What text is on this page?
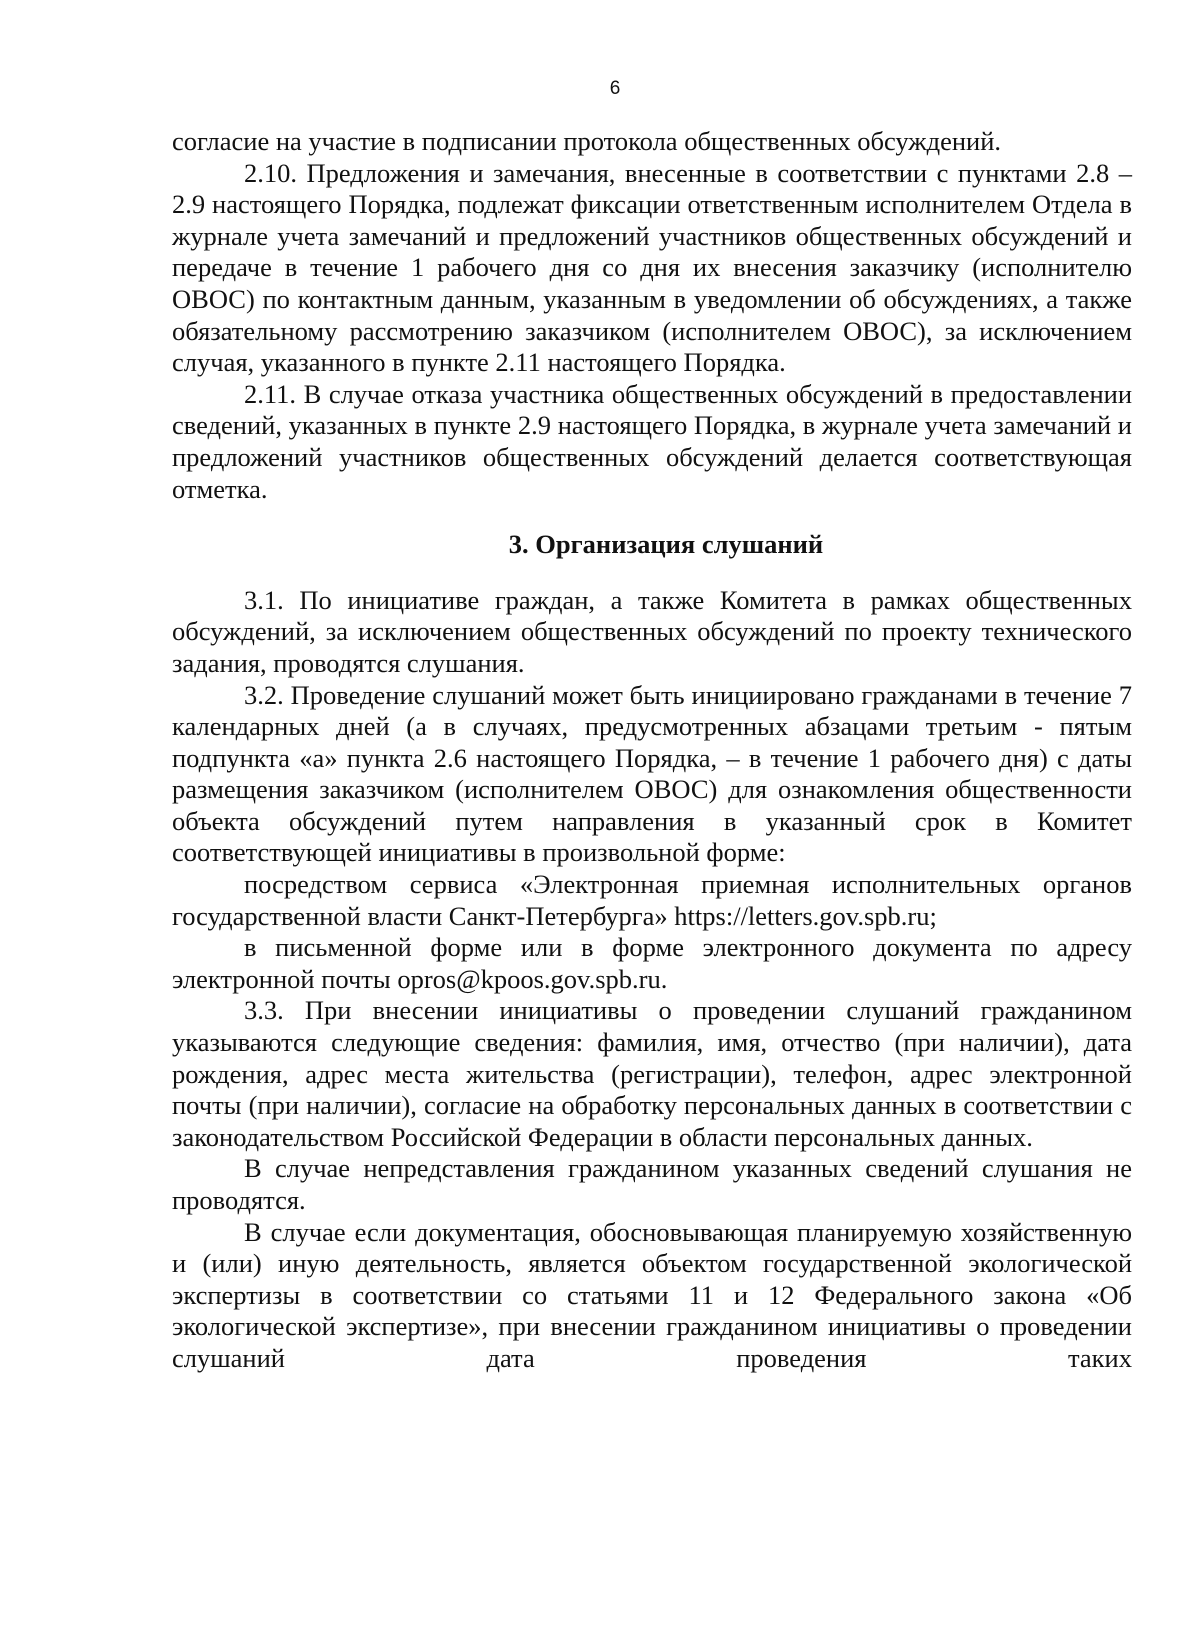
6

согласие на участие в подписании протокола общественных обсуждений.

2.10. Предложения и замечания, внесенные в соответствии с пунктами 2.8 – 2.9 настоящего Порядка, подлежат фиксации ответственным исполнителем Отдела в журнале учета замечаний и предложений участников общественных обсуждений и передаче в течение 1 рабочего дня со дня их внесения заказчику (исполнителю ОВОС) по контактным данным, указанным в уведомлении об обсуждениях, а также обязательному рассмотрению заказчиком (исполнителем ОВОС), за исключением случая, указанного в пункте 2.11 настоящего Порядка.

2.11. В случае отказа участника общественных обсуждений в предоставлении сведений, указанных в пункте 2.9 настоящего Порядка, в журнале учета замечаний и предложений участников общественных обсуждений делается соответствующая отметка.

3. Организация слушаний

3.1. По инициативе граждан, а также Комитета в рамках общественных обсуждений, за исключением общественных обсуждений по проекту технического задания, проводятся слушания.

3.2. Проведение слушаний может быть инициировано гражданами в течение 7 календарных дней (а в случаях, предусмотренных абзацами третьим - пятым подпункта «а» пункта 2.6 настоящего Порядка, – в течение 1 рабочего дня) с даты размещения заказчиком (исполнителем ОВОС) для ознакомления общественности объекта обсуждений путем направления в указанный срок в Комитет соответствующей инициативы в произвольной форме:

посредством сервиса «Электронная приемная исполнительных органов государственной власти Санкт-Петербурга» https://letters.gov.spb.ru;

в письменной форме или в форме электронного документа по адресу электронной почты opros@kpoos.gov.spb.ru.

3.3. При внесении инициативы о проведении слушаний гражданином указываются следующие сведения: фамилия, имя, отчество (при наличии), дата рождения, адрес места жительства (регистрации), телефон, адрес электронной почты (при наличии), согласие на обработку персональных данных в соответствии с законодательством Российской Федерации в области персональных данных.

В случае непредставления гражданином указанных сведений слушания не проводятся.

В случае если документация, обосновывающая планируемую хозяйственную и (или) иную деятельность, является объектом государственной экологической экспертизы в соответствии со статьями 11 и 12 Федерального закона «Об экологической экспертизе», при внесении гражданином инициативы о проведении слушаний дата проведения таких
